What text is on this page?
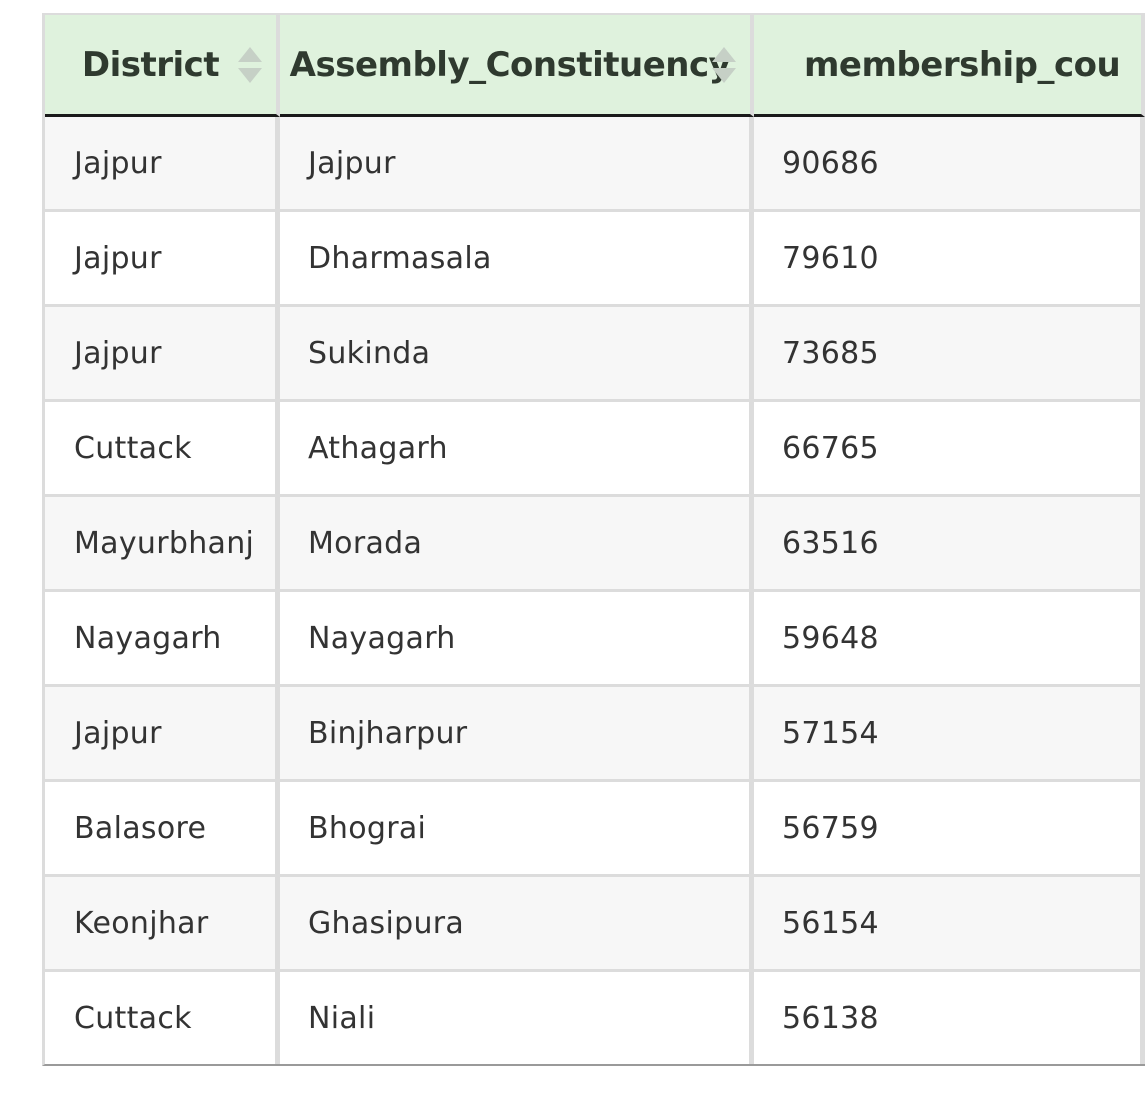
District	Assembly_Constituency	membership_cou
Jajpur	Jajpur	90686
Jajpur	Dharmasala	79610
Jajpur	Sukinda	73685
Cuttack	Athagarh	66765
Mayurbhanj	Morada	63516
Nayagarh	Nayagarh	59648
Jajpur	Binjharpur	57154
Balasore	Bhograi	56759
Keonjhar	Ghasipura	56154
Cuttack	Niali	56138
